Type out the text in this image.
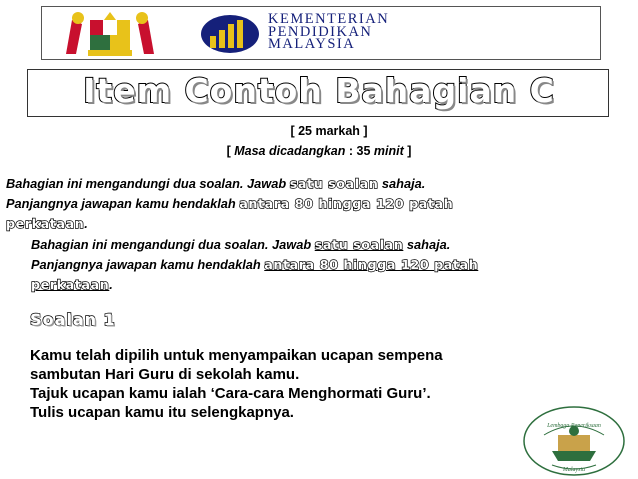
KEMENTERIAN
PENDIDIKAN
MALAYSIA
Item Contoh Bahagian C
[ 25 markah ]
[ Masa dicadangkan : 35 minit ]
Bahagian ini mengandungi dua soalan. Jawab satu soalan sahaja.
Panjangnya jawapan kamu hendaklah antara 80 hingga 120 patah
perkataan.
Bahagian ini mengandungi dua soalan. Jawab satu soalan sahaja.
Panjangnya jawapan kamu hendaklah antara 80 hingga 120 patah
perkataan.
Soalan 1
Kamu telah dipilih untuk menyampaikan ucapan sempena
sambutan Hari Guru di sekolah kamu.
Tajuk ucapan kamu ialah ‘Cara-cara Menghormati Guru’.
Tulis ucapan kamu itu selengkapnya.
Lembaga Peperiksaan
Malaysia
